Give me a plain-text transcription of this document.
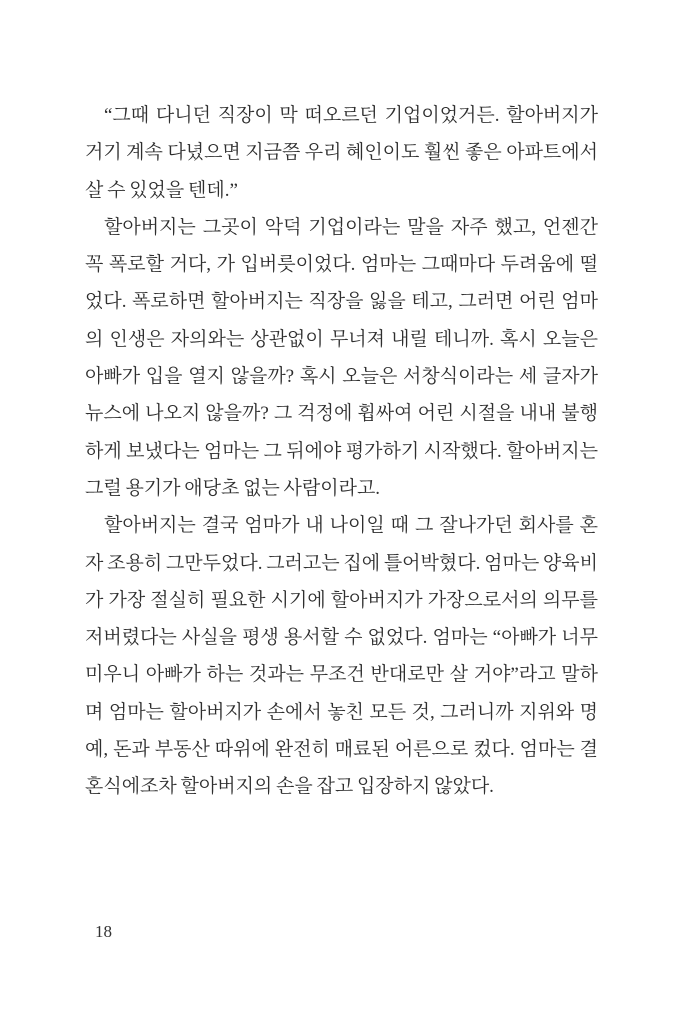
“그때 다니던 직장이 막 떠오르던 기업이었거든. 할아버지가
거기 계속 다녔으면 지금쯤 우리 혜인이도 훨씬 좋은 아파트에서
살 수 있었을 텐데.”
할아버지는 그곳이 악덕 기업이라는 말을 자주 했고, 언젠간
꼭 폭로할 거다, 가 입버릇이었다. 엄마는 그때마다 두려움에 떨
었다. 폭로하면 할아버지는 직장을 잃을 테고, 그러면 어린 엄마
의 인생은 자의와는 상관없이 무너져 내릴 테니까. 혹시 오늘은
아빠가 입을 열지 않을까? 혹시 오늘은 서창식이라는 세 글자가
뉴스에 나오지 않을까? 그 걱정에 휩싸여 어린 시절을 내내 불행
하게 보냈다는 엄마는 그 뒤에야 평가하기 시작했다. 할아버지는
그럴 용기가 애당초 없는 사람이라고.
할아버지는 결국 엄마가 내 나이일 때 그 잘나가던 회사를 혼
자 조용히 그만두었다. 그러고는 집에 틀어박혔다. 엄마는 양육비
가 가장 절실히 필요한 시기에 할아버지가 가장으로서의 의무를
저버렸다는 사실을 평생 용서할 수 없었다. 엄마는 “아빠가 너무
미우니 아빠가 하는 것과는 무조건 반대로만 살 거야”라고 말하
며 엄마는 할아버지가 손에서 놓친 모든 것, 그러니까 지위와 명
예, 돈과 부동산 따위에 완전히 매료된 어른으로 컸다. 엄마는 결
혼식에조차 할아버지의 손을 잡고 입장하지 않았다.
18
